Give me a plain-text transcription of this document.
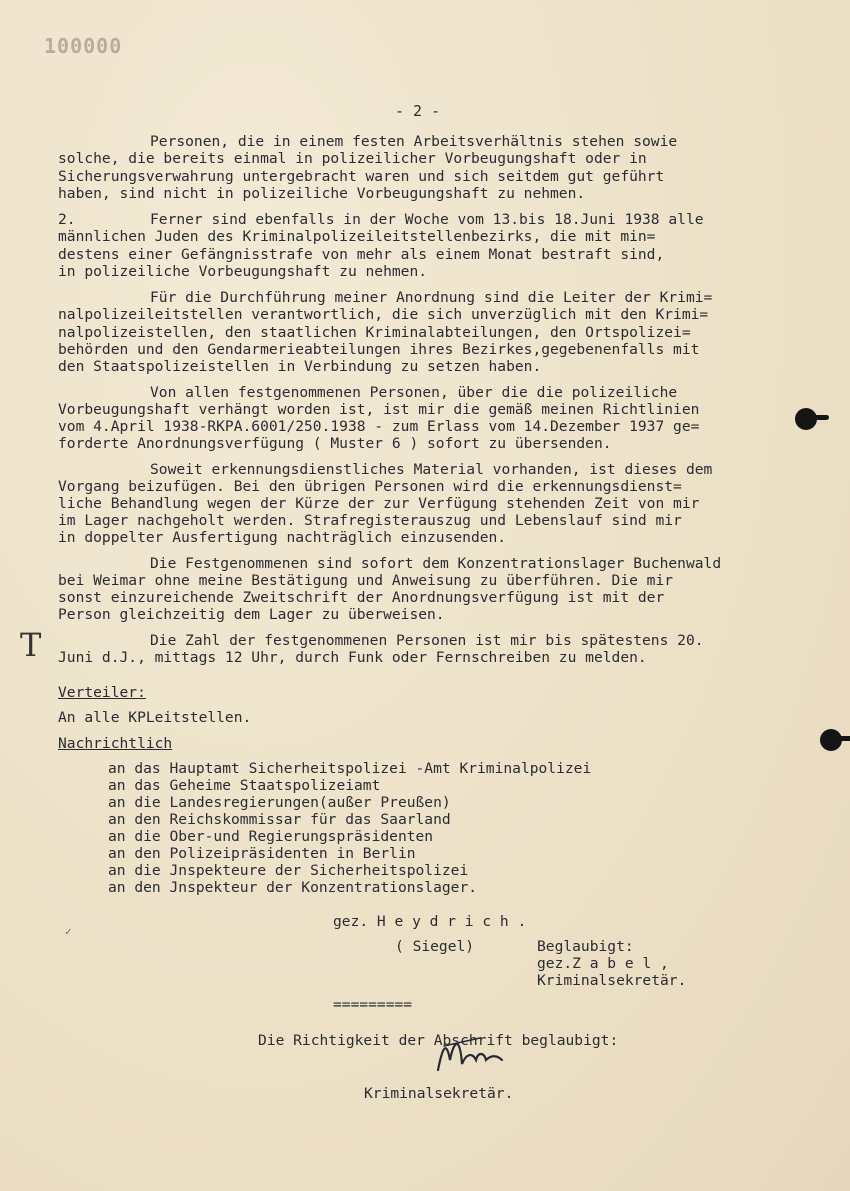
100000
- 2 -
Personen, die in einem festen Arbeitsverhältnis stehen sowie
solche, die bereits einmal in polizeilicher Vorbeugungshaft oder in
Sicherungsverwahrung untergebracht waren und sich seitdem gut geführt
haben, sind nicht in polizeiliche Vorbeugungshaft zu nehmen.
2.	Ferner sind ebenfalls in der Woche vom 13.bis 18.Juni 1938 alle
männlichen Juden des Kriminalpolizeileitstellenbezirks, die mit min=
destens einer Gefängnisstrafe von mehr als einem Monat bestraft sind,
in polizeiliche Vorbeugungshaft zu nehmen.
Für die Durchführung meiner Anordnung sind die Leiter der Krimi=
nalpolizeileitstellen verantwortlich, die sich unverzüglich mit den Krimi=
nalpolizeistellen, den staatlichen Kriminalabteilungen, den Ortspolizei=
behörden und den Gendarmerieabteilungen ihres Bezirkes,gegebenenfalls mit
den Staatspolizeistellen in Verbindung zu setzen haben.
Von allen festgenommenen Personen, über die die polizeiliche
Vorbeugungshaft verhängt worden ist, ist mir die gemäß meinen Richtlinien
vom 4.April 1938-RKPA.6001/250.1938 - zum Erlass vom 14.Dezember 1937 ge=
forderte Anordnungsverfügung ( Muster 6 ) sofort zu übersenden.
Soweit erkennungsdienstliches Material vorhanden, ist dieses dem
Vorgang beizufügen. Bei den übrigen Personen wird die erkennungsdienst=
liche Behandlung wegen der Kürze der zur Verfügung stehenden Zeit von mir
im Lager nachgeholt werden. Strafregisterauszug und Lebenslauf sind mir
in doppelter Ausfertigung nachträglich einzusenden.
Die Festgenommenen sind sofort dem Konzentrationslager Buchenwald
bei Weimar ohne meine Bestätigung und Anweisung zu überführen. Die mir
sonst einzureichende Zweitschrift der Anordnungsverfügung ist mit der
Person gleichzeitig dem Lager zu überweisen.
Die Zahl der festgenommenen Personen ist mir bis spätestens 20.
Juni d.J., mittags 12 Uhr, durch Funk oder Fernschreiben zu melden.
Verteiler:
An alle KPLeitstellen.
Nachrichtlich
an das Hauptamt Sicherheitspolizei -Amt Kriminalpolizei
an das Geheime Staatspolizeiamt
an die Landesregierungen(außer Preußen)
an den Reichskommissar für das Saarland
an die Ober-und Regierungspräsidenten
an den Polizeipräsidenten in Berlin
an die Jnspekteure der Sicherheitspolizei
an den Jnspekteur der Konzentrationslager.
gez. H e y d r i c h .
( Siegel)	Beglaubigt:
gez.Z a b e l ,
Kriminalsekretär.
=========
Die Richtigkeit der Abschrift beglaubigt:
Kriminalsekretär.
T
✓
